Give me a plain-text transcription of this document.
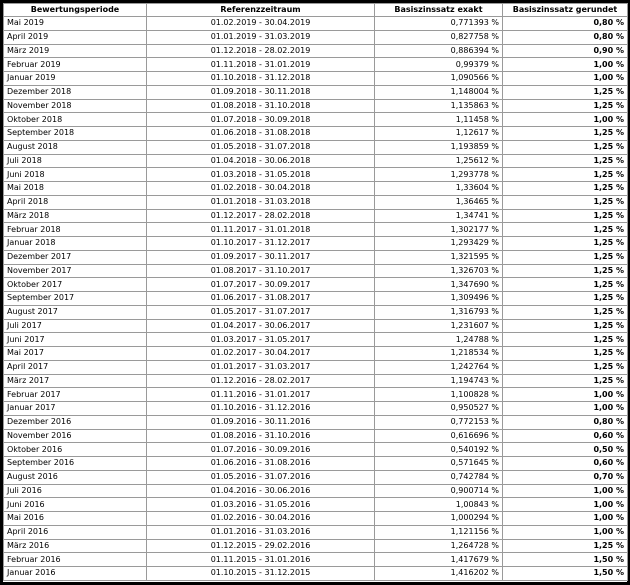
Bewertungsperiode	Referenzzeitraum	Basiszinssatz exakt	Basiszinssatz gerundet
Mai 2019	01.02.2019 - 30.04.2019	0,771393 %	0,80 %
April 2019	01.01.2019 - 31.03.2019	0,827758 %	0,80 %
März 2019	01.12.2018 - 28.02.2019	0,886394 %	0,90 %
Februar 2019	01.11.2018 - 31.01.2019	0,99379 %	1,00 %
Januar 2019	01.10.2018 - 31.12.2018	1,090566 %	1,00 %
Dezember 2018	01.09.2018 - 30.11.2018	1,148004 %	1,25 %
November 2018	01.08.2018 - 31.10.2018	1,135863 %	1,25 %
Oktober 2018	01.07.2018 - 30.09.2018	1,11458 %	1,00 %
September 2018	01.06.2018 - 31.08.2018	1,12617 %	1,25 %
August 2018	01.05.2018 - 31.07.2018	1,193859 %	1,25 %
Juli 2018	01.04.2018 - 30.06.2018	1,25612 %	1,25 %
Juni 2018	01.03.2018 - 31.05.2018	1,293778 %	1,25 %
Mai 2018	01.02.2018 - 30.04.2018	1,33604 %	1,25 %
April 2018	01.01.2018 - 31.03.2018	1,36465 %	1,25 %
März 2018	01.12.2017 - 28.02.2018	1,34741 %	1,25 %
Februar 2018	01.11.2017 - 31.01.2018	1,302177 %	1,25 %
Januar 2018	01.10.2017 - 31.12.2017	1,293429 %	1,25 %
Dezember 2017	01.09.2017 - 30.11.2017	1,321595 %	1,25 %
November 2017	01.08.2017 - 31.10.2017	1,326703 %	1,25 %
Oktober 2017	01.07.2017 - 30.09.2017	1,347690 %	1,25 %
September 2017	01.06.2017 - 31.08.2017	1,309496 %	1,25 %
August 2017	01.05.2017 - 31.07.2017	1,316793 %	1,25 %
Juli 2017	01.04.2017 - 30.06.2017	1,231607 %	1,25 %
Juni 2017	01.03.2017 - 31.05.2017	1,24788 %	1,25 %
Mai 2017	01.02.2017 - 30.04.2017	1,218534 %	1,25 %
April 2017	01.01.2017 - 31.03.2017	1,242764 %	1,25 %
März 2017	01.12.2016 - 28.02.2017	1,194743 %	1,25 %
Februar 2017	01.11.2016 - 31.01.2017	1,100828 %	1,00 %
Januar 2017	01.10.2016 - 31.12.2016	0,950527 %	1,00 %
Dezember 2016	01.09.2016 - 30.11.2016	0,772153 %	0,80 %
November 2016	01.08.2016 - 31.10.2016	0,616696 %	0,60 %
Oktober 2016	01.07.2016 - 30.09.2016	0,540192 %	0,50 %
September 2016	01.06.2016 - 31.08.2016	0,571645 %	0,60 %
August 2016	01.05.2016 - 31.07.2016	0,742784 %	0,70 %
Juli 2016	01.04.2016 - 30.06.2016	0,900714 %	1,00 %
Juni 2016	01.03.2016 - 31.05.2016	1,00843 %	1,00 %
Mai 2016	01.02.2016 - 30.04.2016	1,000294 %	1,00 %
April 2016	01.01.2016 - 31.03.2016	1,121156 %	1,00 %
März 2016	01.12.2015 - 29.02.2016	1,264728 %	1,25 %
Februar 2016	01.11.2015 - 31.01.2016	1,417679 %	1,50 %
Januar 2016	01.10.2015 - 31.12.2015	1,416202 %	1,50 %
